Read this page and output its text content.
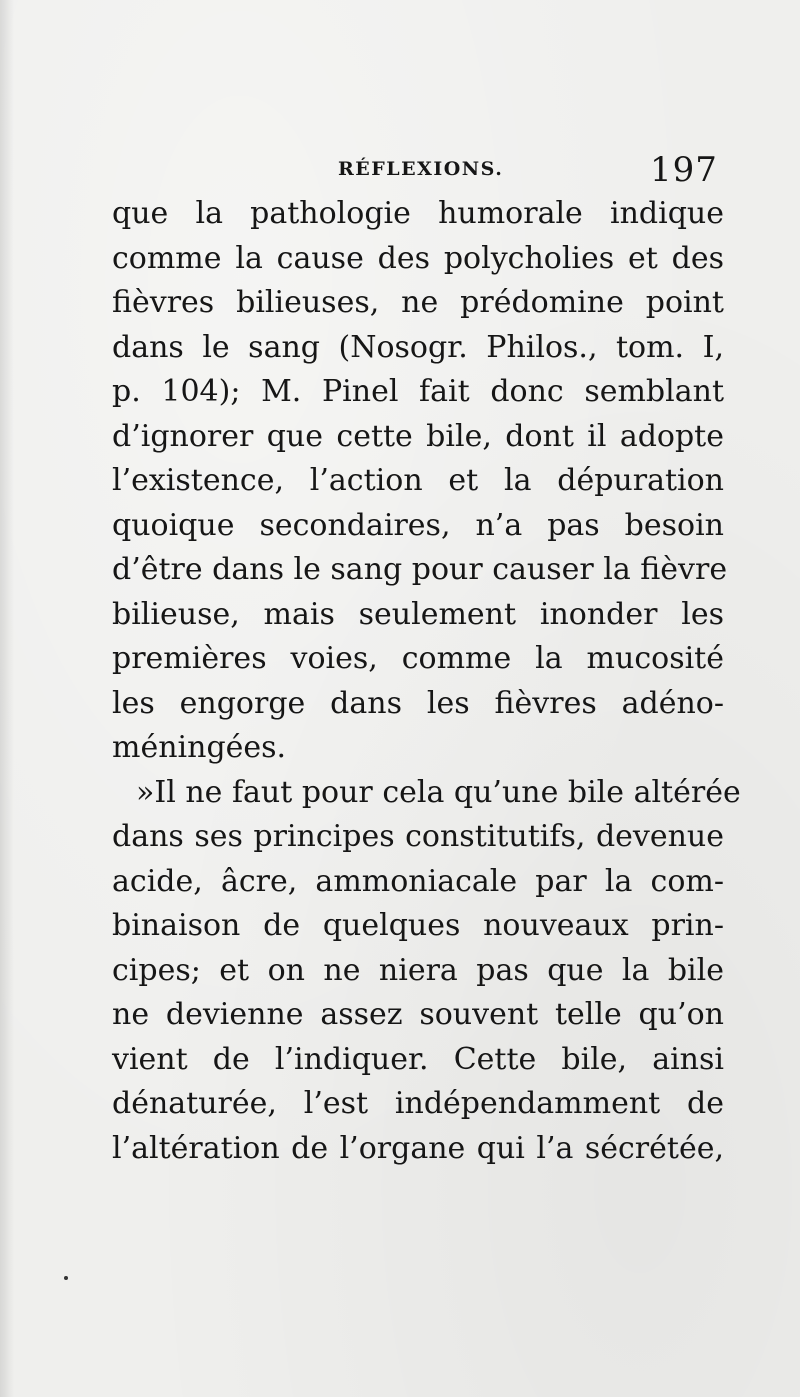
RÉFLEXIONS.	197
que la pathologie humorale indique
comme la cause des polycholies et des
fièvres bilieuses, ne prédomine point
dans le sang (Nosogr. Philos., tom. I,
p. 104); M. Pinel fait donc semblant
d’ignorer que cette bile, dont il adopte
l’existence, l’action et la dépuration
quoique secondaires, n’a pas besoin
d’être dans le sang pour causer la fièvre
bilieuse, mais seulement inonder les
premières voies, comme la mucosité
les engorge dans les fièvres adéno-
méningées.
»Il ne faut pour cela qu’une bile altérée
dans ses principes constitutifs, devenue
acide, âcre, ammoniacale par la com-
binaison de quelques nouveaux prin-
cipes; et on ne niera pas que la bile
ne devienne assez souvent telle qu’on
vient de l’indiquer. Cette bile, ainsi
dénaturée, l’est indépendamment de
l’altération de l’organe qui l’a sécrétée,
